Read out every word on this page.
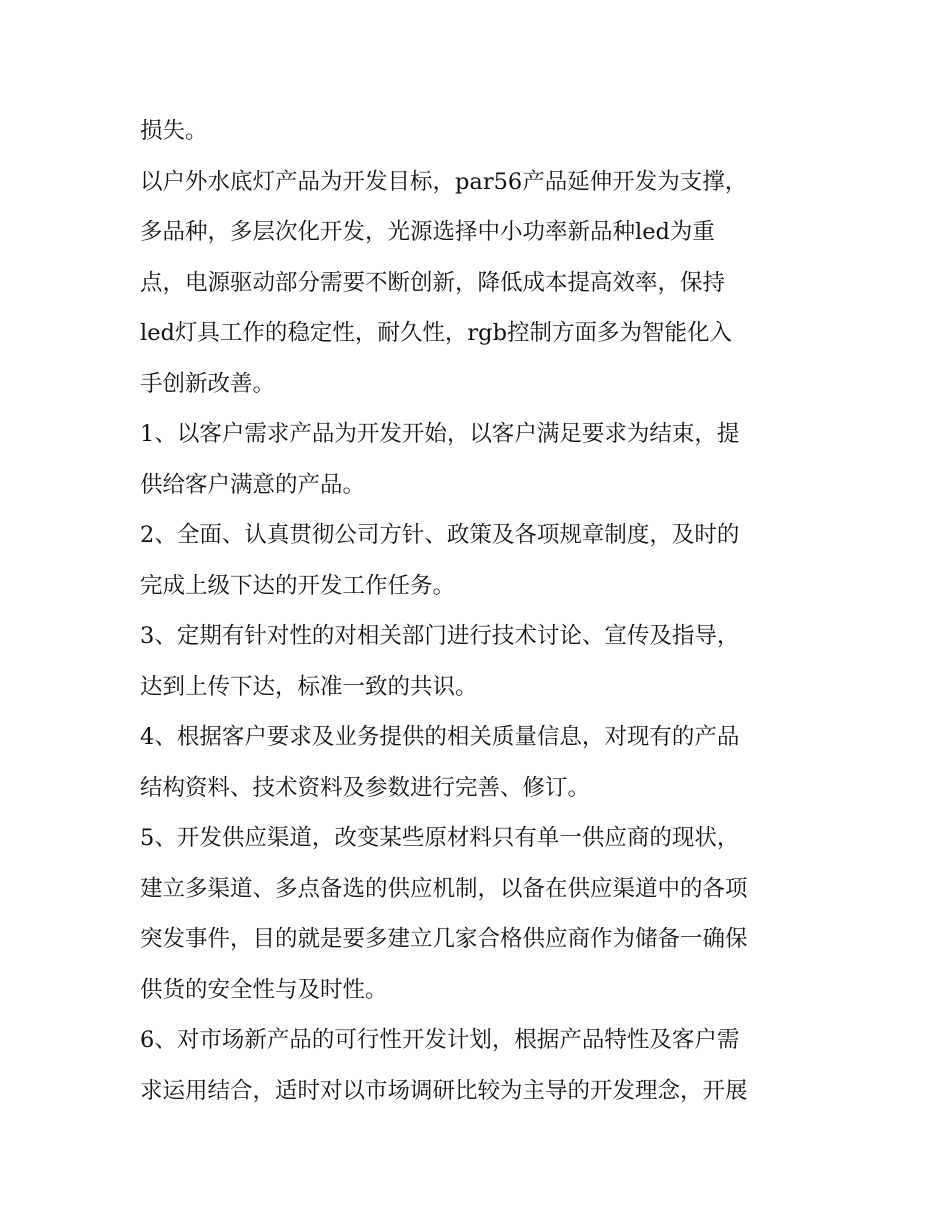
损失。

以户外水底灯产品为开发目标，par56产品延伸开发为支撑，
多品种，多层次化开发，光源选择中小功率新品种led为重
点，电源驱动部分需要不断创新，降低成本提高效率，保持
led灯具工作的稳定性，耐久性，rgb控制方面多为智能化入
手创新改善。

1、以客户需求产品为开发开始，以客户满足要求为结束，提
供给客户满意的产品。

2、全面、认真贯彻公司方针、政策及各项规章制度，及时的
完成上级下达的开发工作任务。

3、定期有针对性的对相关部门进行技术讨论、宣传及指导，
达到上传下达，标准一致的共识。

4、根据客户要求及业务提供的相关质量信息，对现有的产品
结构资料、技术资料及参数进行完善、修订。

5、开发供应渠道，改变某些原材料只有单一供应商的现状，
建立多渠道、多点备选的供应机制，以备在供应渠道中的各项
突发事件，目的就是要多建立几家合格供应商作为储备一确保
供货的安全性与及时性。

6、对市场新产品的可行性开发计划，根据产品特性及客户需
求运用结合，适时对以市场调研比较为主导的开发理念，开展
